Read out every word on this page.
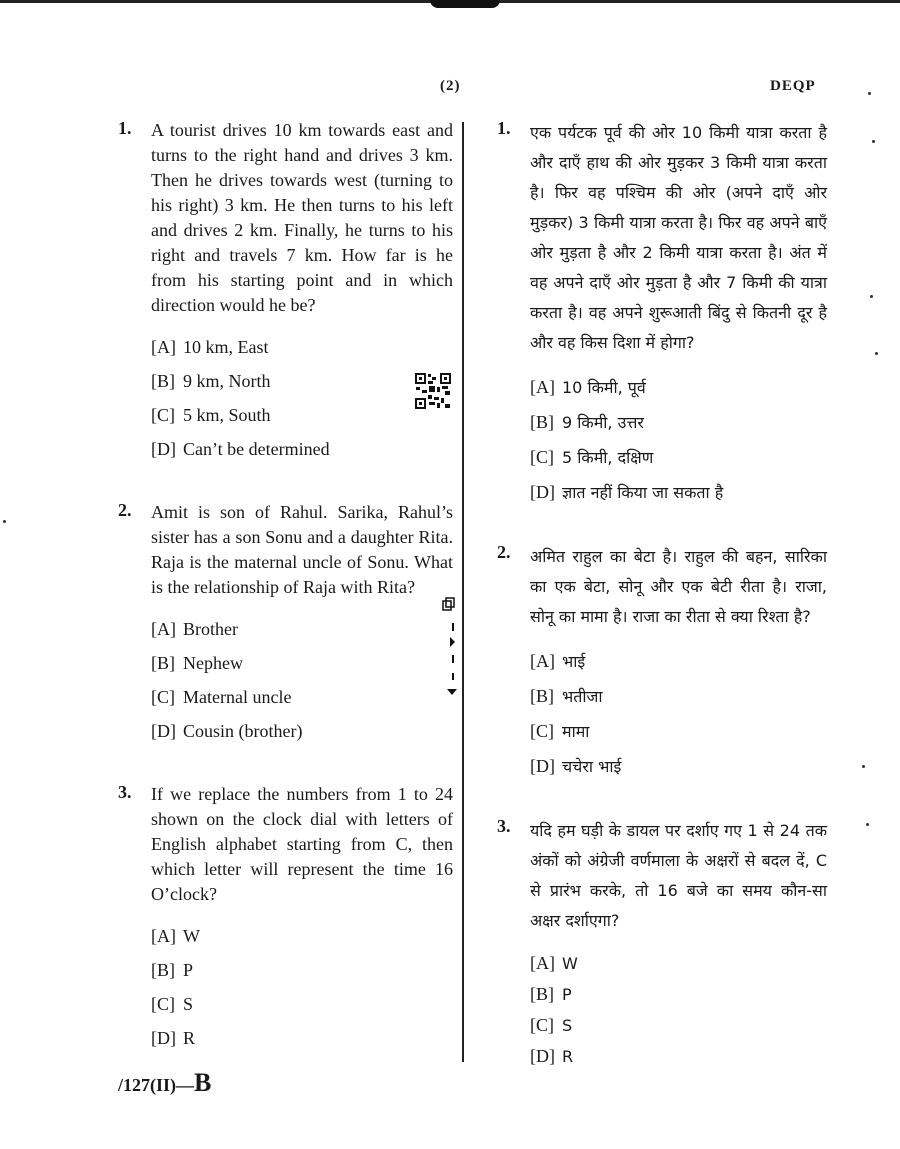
(2)	DEQP
1. A tourist drives 10 km towards east and turns to the right hand and drives 3 km. Then he drives towards west (turning to his right) 3 km. He then turns to his left and drives 2 km. Finally, he turns to his right and travels 7 km. How far is he from his starting point and in which direction would he be?
[A] 10 km, East
[B] 9 km, North
[C] 5 km, South
[D] Can’t be determined
2. Amit is son of Rahul. Sarika, Rahul’s sister has a son Sonu and a daughter Rita. Raja is the maternal uncle of Sonu. What is the relationship of Raja with Rita?
[A] Brother
[B] Nephew
[C] Maternal uncle
[D] Cousin (brother)
3. If we replace the numbers from 1 to 24 shown on the clock dial with letters of English alphabet starting from C, then which letter will represent the time 16 O’clock?
[A] W
[B] P
[C] S
[D] R
1. एक पर्यटक पूर्व की ओर 10 किमी यात्रा करता है और दाएँ हाथ की ओर मुड़कर 3 किमी यात्रा करता है। फिर वह पश्चिम की ओर (अपने दाएँ ओर मुड़कर) 3 किमी यात्रा करता है। फिर वह अपने बाएँ ओर मुड़ता है और 2 किमी यात्रा करता है। अंत में वह अपने दाएँ ओर मुड़ता है और 7 किमी की यात्रा करता है। वह अपने शुरूआती बिंदु से कितनी दूर है और वह किस दिशा में होगा?
[A] 10 किमी, पूर्व
[B] 9 किमी, उत्तर
[C] 5 किमी, दक्षिण
[D] ज्ञात नहीं किया जा सकता है
2. अमित राहुल का बेटा है। राहुल की बहन, सारिका का एक बेटा, सोनू और एक बेटी रीता है। राजा, सोनू का मामा है। राजा का रीता से क्या रिश्ता है?
[A] भाई
[B] भतीजा
[C] मामा
[D] चचेरा भाई
3. यदि हम घड़ी के डायल पर दर्शाए गए 1 से 24 तक अंकों को अंग्रेजी वर्णमाला के अक्षरों से बदल दें, C से प्रारंभ करके, तो 16 बजे का समय कौन-सा अक्षर दर्शाएगा?
[A] W
[B] P
[C] S
[D] R
/127(II)—B
